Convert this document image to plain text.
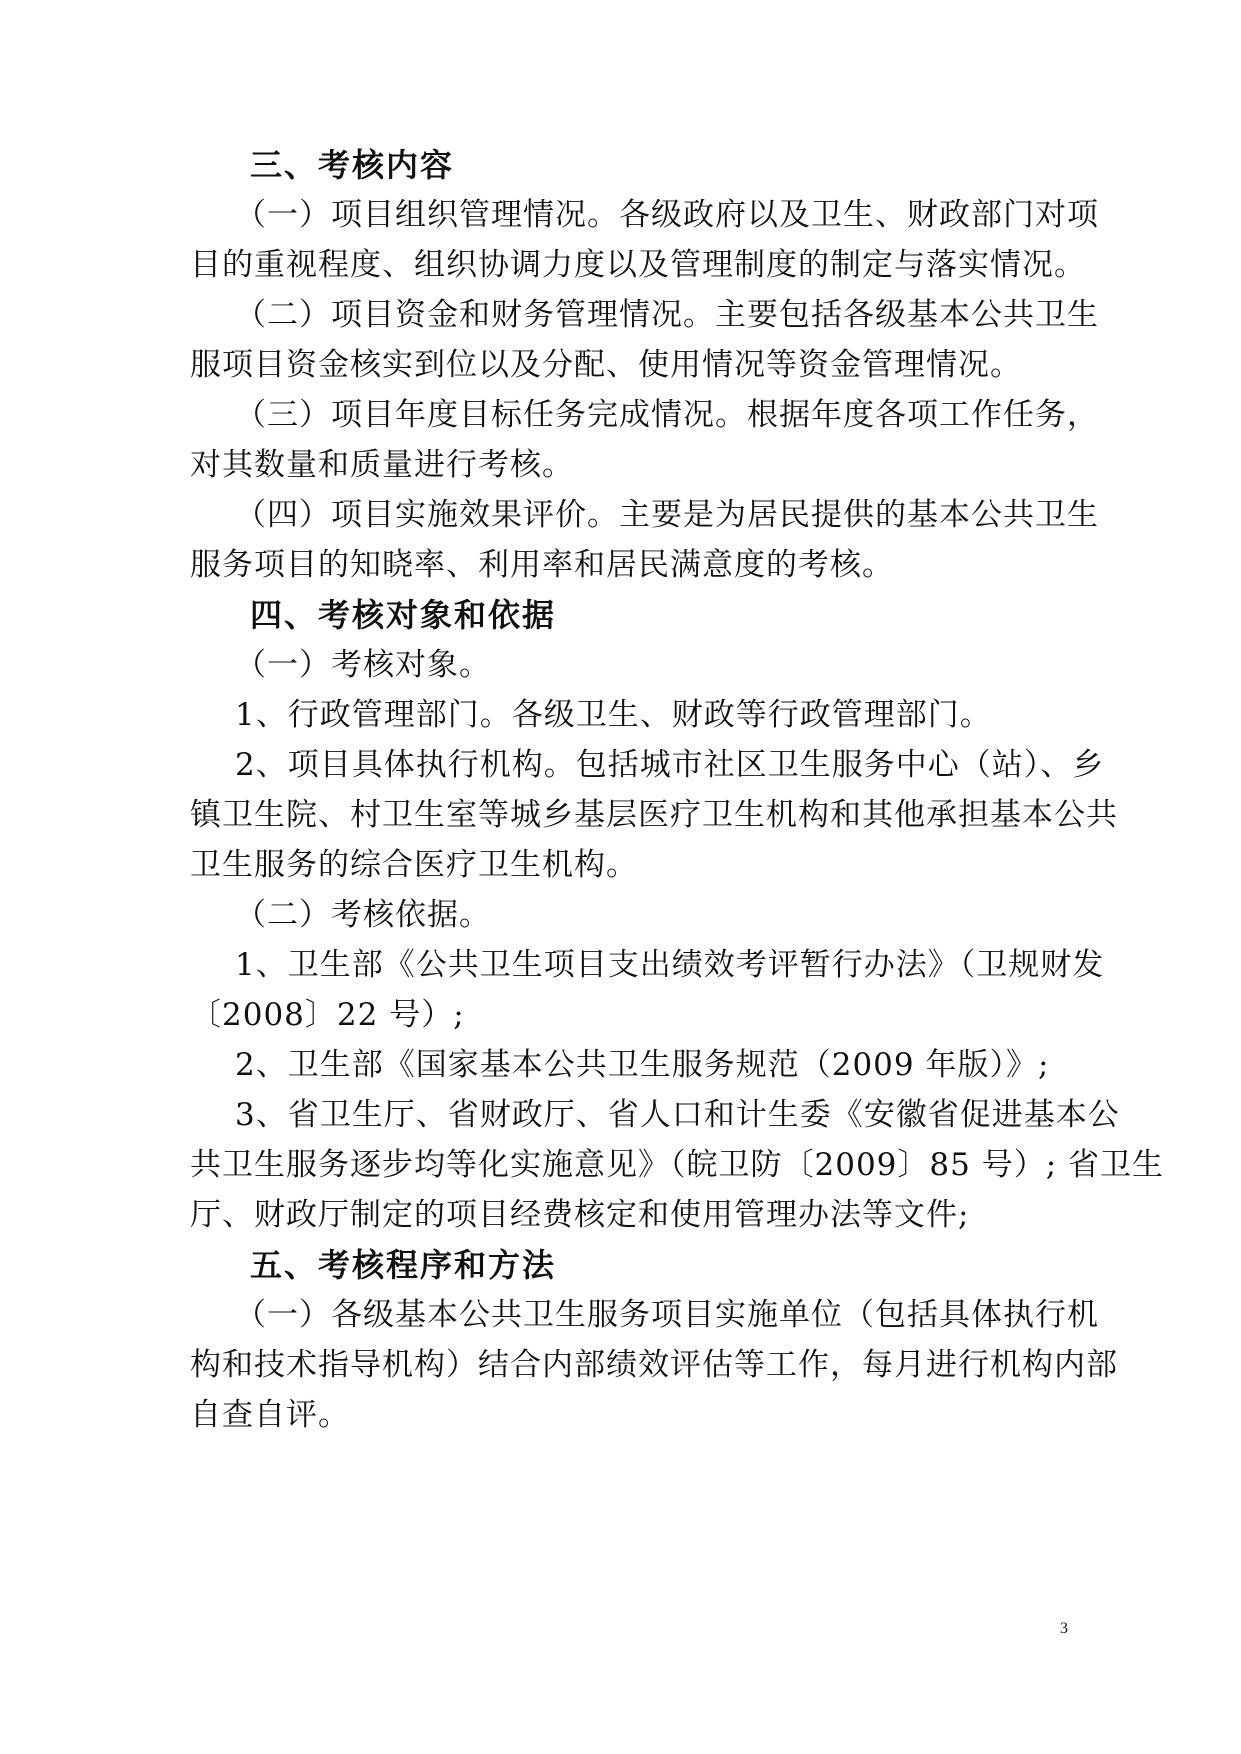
三、考核内容
（一）项目组织管理情况。各级政府以及卫生、财政部门对项
目的重视程度、组织协调力度以及管理制度的制定与落实情况。
（二）项目资金和财务管理情况。主要包括各级基本公共卫生
服项目资金核实到位以及分配、使用情况等资金管理情况。
（三）项目年度目标任务完成情况。根据年度各项工作任务，
对其数量和质量进行考核。
（四）项目实施效果评价。主要是为居民提供的基本公共卫生
服务项目的知晓率、利用率和居民满意度的考核。
四、考核对象和依据
（一）考核对象。
1、行政管理部门。各级卫生、财政等行政管理部门。
2、项目具体执行机构。包括城市社区卫生服务中心（站）、乡
镇卫生院、村卫生室等城乡基层医疗卫生机构和其他承担基本公共
卫生服务的综合医疗卫生机构。
（二）考核依据。
1、卫生部《公共卫生项目支出绩效考评暂行办法》（卫规财发
〔2008〕22 号）;
2、卫生部《国家基本公共卫生服务规范（2009 年版）》;
3、省卫生厅、省财政厅、省人口和计生委《安徽省促进基本公
共卫生服务逐步均等化实施意见》（皖卫防〔2009〕85 号）; 省卫生
厅、财政厅制定的项目经费核定和使用管理办法等文件;
五、考核程序和方法
（一）各级基本公共卫生服务项目实施单位（包括具体执行机
构和技术指导机构）结合内部绩效评估等工作，每月进行机构内部
自查自评。
3
